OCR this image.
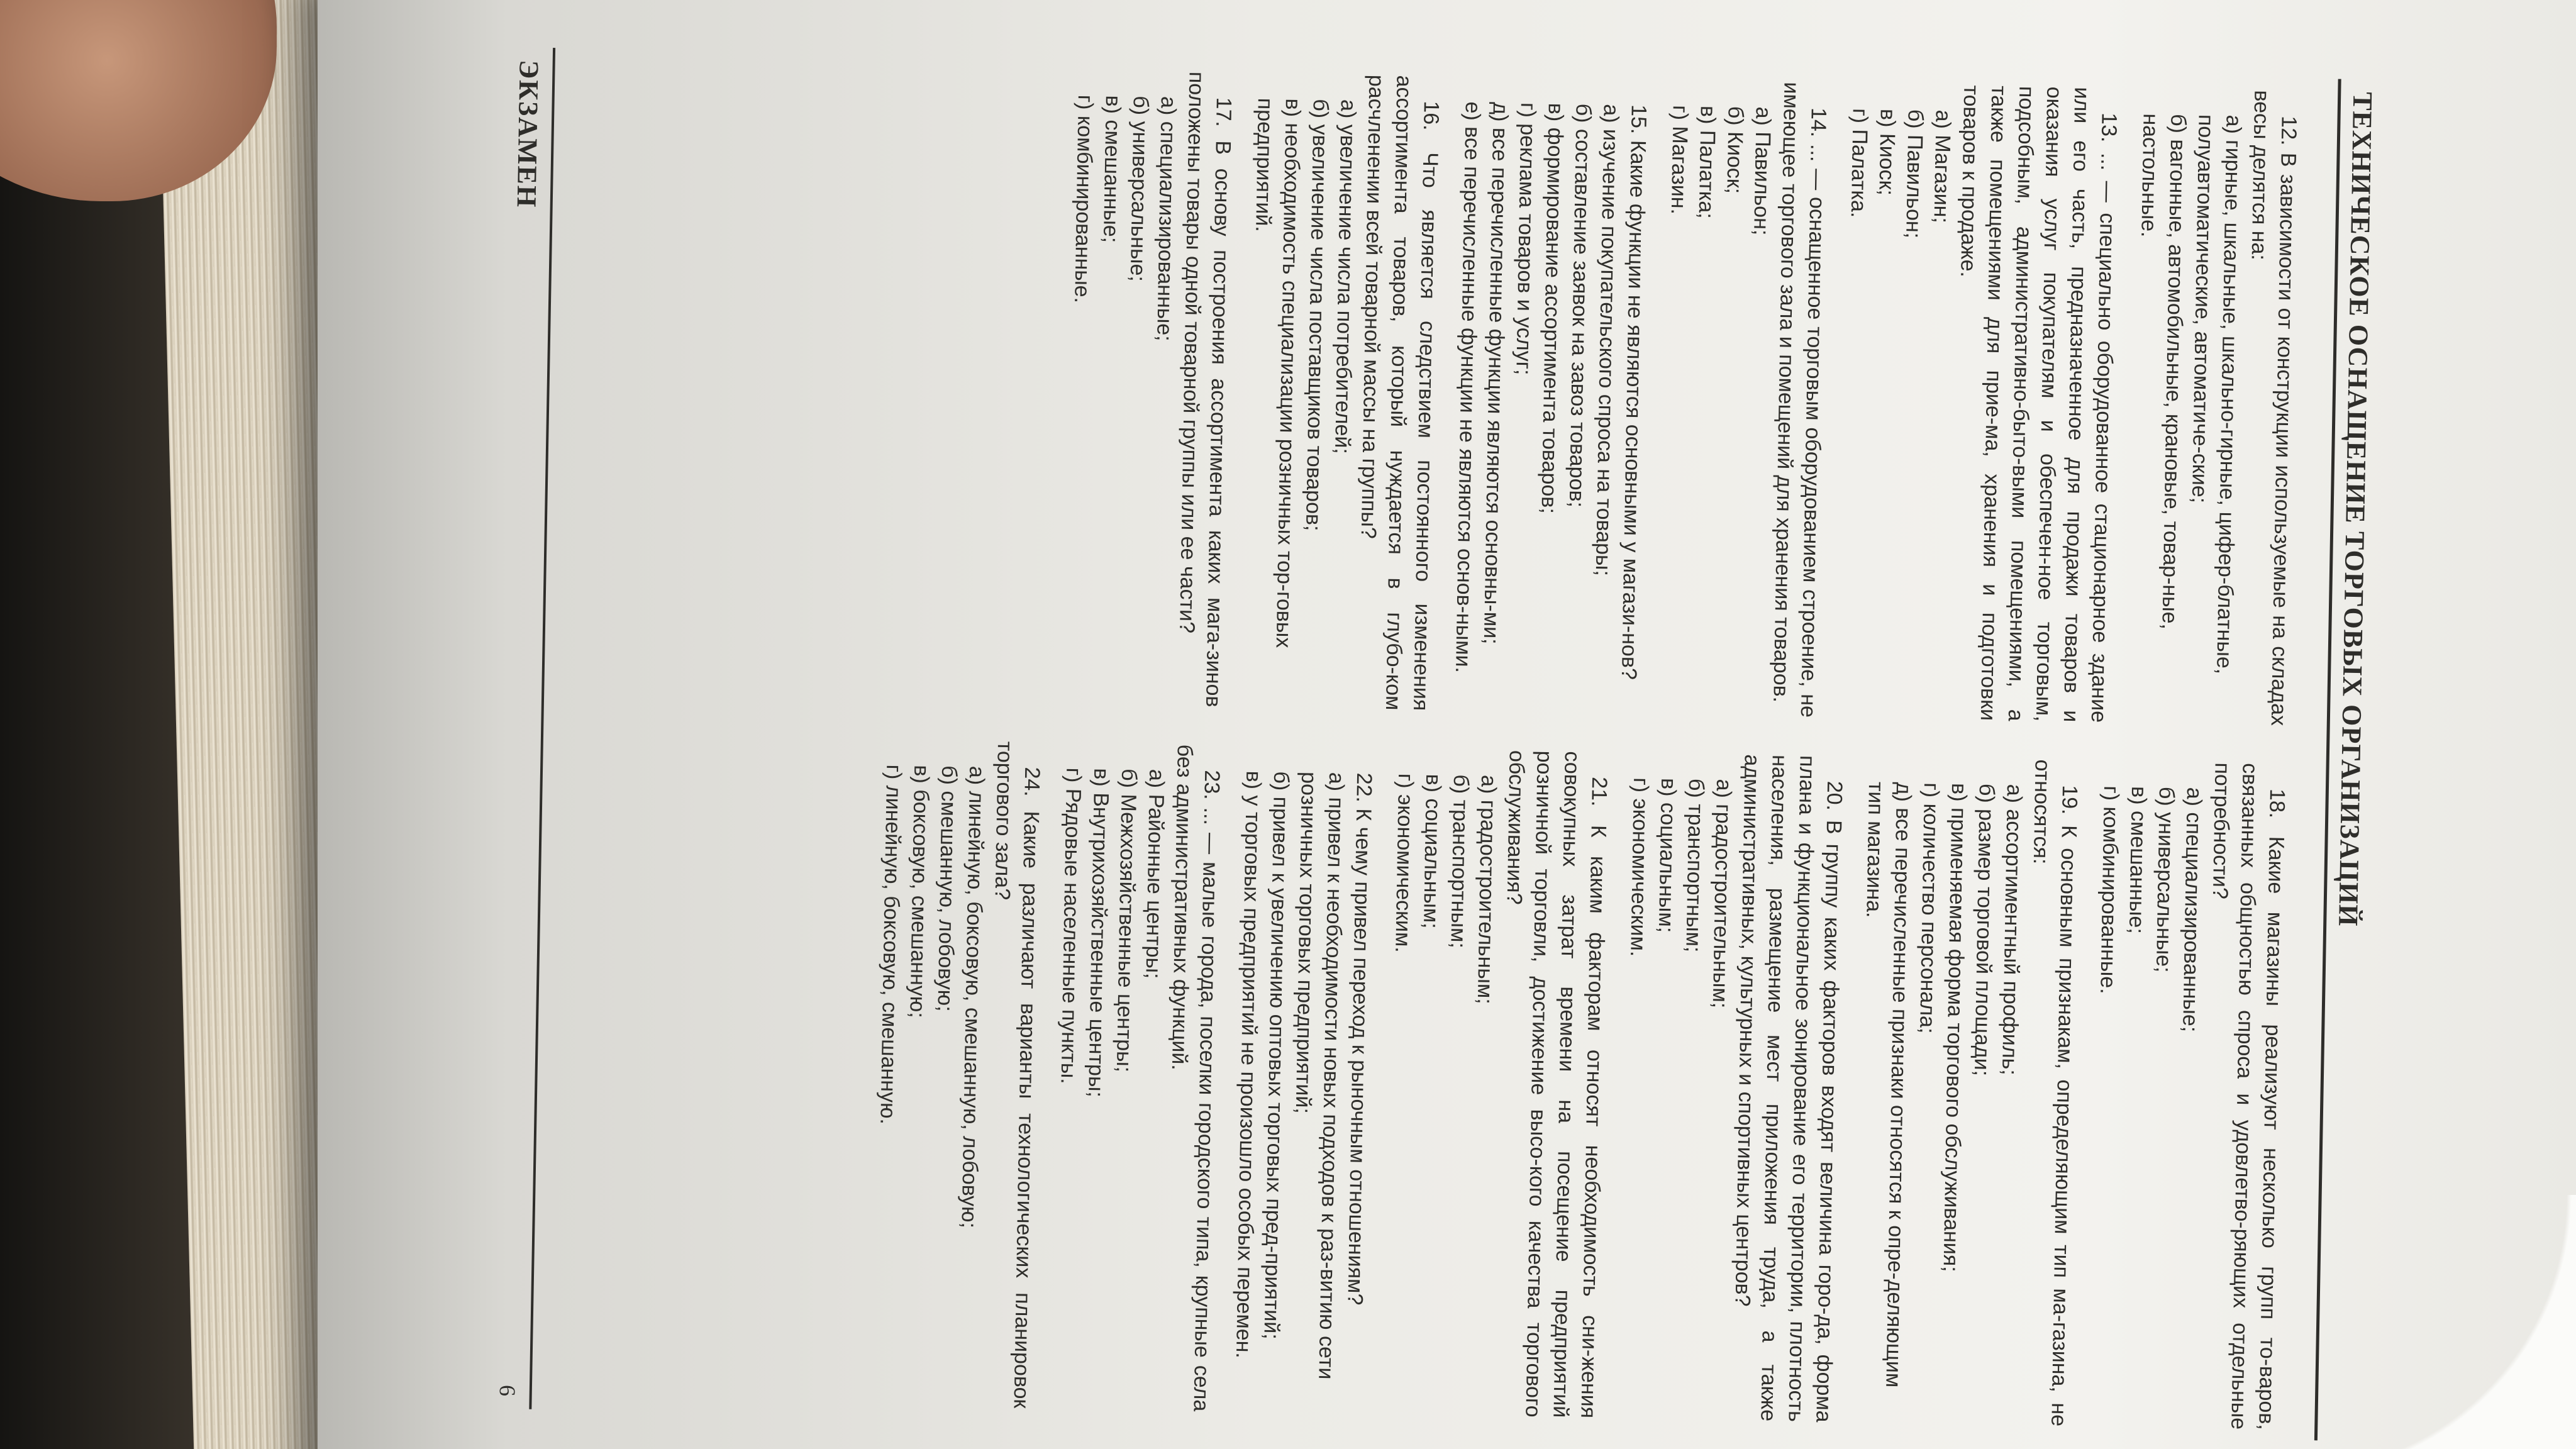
ТЕХНИЧЕСКОЕ ОСНАЩЕНИЕ ТОРГОВЫХ ОРГАНИЗАЦИЙ
12. В зависимости от конструкции используемые на складах весы делятся на:
а) гирные, шкальные, шкально-гирные, цифер-блатные, полуавтоматические, автоматиче-ские;
б) вагонные, автомобильные, крановые, товар-ные, настольные.
13. ... — специально оборудованное стационарное здание или его часть, предназначенное для продажи товаров и оказания услуг покупателям и обеспечен-ное торговым, подсобным, административно-быто-выми помещениями, а также помещениями для прие-ма, хранения и подготовки товаров к продаже.
а) Магазин;
б) Павильон;
в) Киоск;
г) Палатка.
14. ... — оснащенное торговым оборудованием строение, не имеющее торгового зала и помещений для хранения товаров.
а) Павильон;
б) Киоск;
в) Палатка;
г) Магазин.
15. Какие функции не являются основными у магази-нов?
а) изучение покупательского спроса на товары;
б) составление заявок на завоз товаров;
в) формирование ассортимента товаров;
г) реклама товаров и услуг;
д) все перечисленные функции являются основны-ми;
е) все перечисленные функции не являются основ-ными.
16. Что является следствием постоянного изменения ассортимента товаров, который нуждается в глубо-ком расчленении всей товарной массы на группы?
а) увеличение числа потребителей;
б) увеличение числа поставщиков товаров;
в) необходимость специализации розничных тор-говых предприятий.
17. В основу построения ассортимента каких мага-зинов положены товары одной товарной группы или ее части?
а) специализированные;
б) универсальные;
в) смешанные;
г) комбинированные.
18. Какие магазины реализуют несколько групп то-варов, связанных общностью спроса и удовлетво-ряющих отдельные потребности?
а) специализированные;
б) универсальные;
в) смешанные;
г) комбинированные.
19. К основным признакам, определяющим тип ма-газина, не относятся:
а) ассортиментный профиль;
б) размер торговой площади;
в) применяемая форма торгового обслуживания;
г) количество персонала;
д) все перечисленные признаки относятся к опре-деляющим тип магазина.
20. В группу каких факторов входят величина горо-да, форма плана и функциональное зонирование его территории, плотность населения, размещение мест приложения труда, а также административных, культурных и спортивных центров?
а) градостроительным;
б) транспортным;
в) социальным;
г) экономическим.
21. К каким факторам относят необходимость сни-жения совокупных затрат времени на посещение предприятий розничной торговли, достижение высо-кого качества торгового обслуживания?
а) градостроительным;
б) транспортным;
в) социальным;
г) экономическим.
22. К чему привел переход к рыночным отношениям?
а) привел к необходимости новых подходов к раз-витию сети розничных торговых предприятий;
б) привел к увеличению оптовых торговых пред-приятий;
в) у торговых предприятий не произошло особых перемен.
23. ... — малые города, поселки городского типа, крупные села без административных функций.
а) Районные центры;
б) Межхозяйственные центры;
в) Внутрихозяйственные центры;
г) Рядовые населенные пункты.
24. Какие различают варианты технологических планировок торгового зала?
а) линейную, боксовую, смешанную, лобовую;
б) смешанную, лобовую;
в) боксовую, смешанную;
г) линейную, боксовую, смешанную.
ЭКЗАМЕН
6
